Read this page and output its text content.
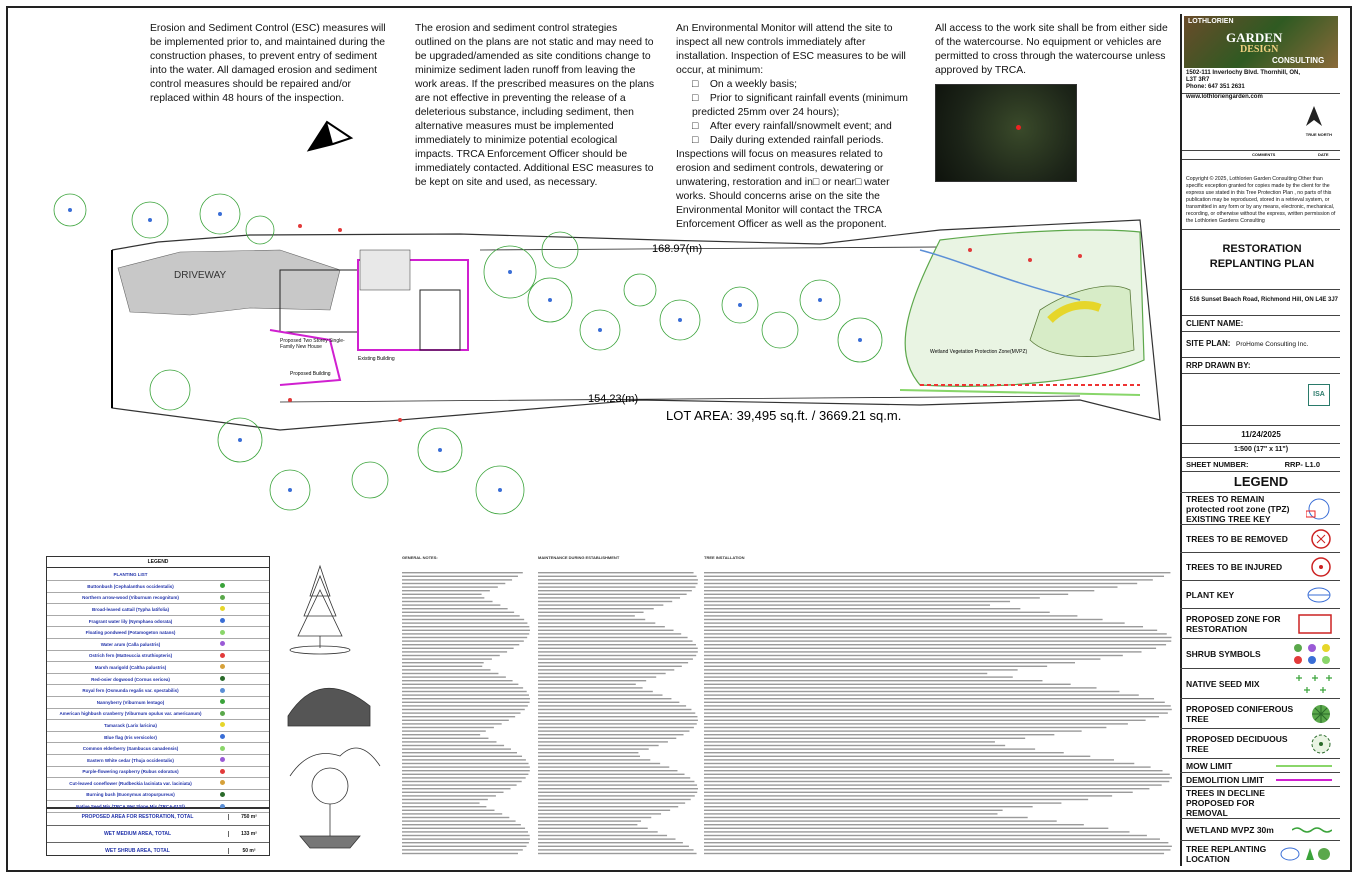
Erosion and Sediment Control (ESC) measures will be implemented prior to, and maintained during the construction phases, to prevent entry of sediment into the water. All damaged erosion and sediment control measures should be repaired and/or replaced within 48 hours of the inspection.

The erosion and sediment control strategies outlined on the plans are not static and may need to be upgraded/amended as site conditions change to minimize sediment laden runoff from leaving the work areas. If the prescribed measures on the plans are not effective in preventing the release of a deleterious substance, including sediment, then alternative measures must be implemented immediately to minimize potential ecological impacts. TRCA Enforcement Officer should be immediately contacted. Additional ESC measures to be kept on site and used, as necessary.

An Environmental Monitor will attend the site to inspect all new controls immediately after installation. Inspection of ESC measures to be will occur, at minimum:

□    On a weekly basis;

□    Prior to significant rainfall events (minimum predicted 25mm over 24 hours);

□    After every rainfall/snowmelt event; and

□    Daily during extended rainfall periods.

Inspections will focus on measures related to erosion and sediment controls, dewatering or unwatering, restoration and in□ or near□ water works. Should concerns arise on the site the Environmental Monitor will contact the TRCA Enforcement Officer as well as the proponent.

All access to the work site shall be from either side of the watercourse. No equipment or vehicles are permitted to cross through the watercourse unless approved by TRCA.

168.97(m)
154.23(m)
LOT AREA: 39,495 sq.ft. / 3669.21 sq.m.
DRIVEWAY
Existing Building
Proposed Building
Wetland Vegetation Protection Zone(MVPZ)
Proposed Two Storey Single-Family New House
LOTHLORIEN
GARDEN
DESIGN
CONSULTING
1502-111 Inverlochy Blvd. Thornhill, ON, L3T 3R7
Phone: 647 351 2631
www.lothloriengarden.com
TRUE NORTH
COMMENTS	DATE
Copyright © 2025, Lothlorien Garden Consulting Other than specific exception granted for copies made by the client for the express use stated in this Tree Protection Plan , no parts of this publication may be reproduced, stored in a retrieval system, or transmitted in any form or by any means, electronic, mechanical, recording, or otherwise without the express, written permission of the Lothlorien Gardens Consulting
RESTORATION REPLANTING PLAN
516 Sunset Beach Road, Richmond Hill, ON L4E 3J7
CLIENT NAME:
SITE PLAN: ProHome Consulting Inc.
RRP DRAWN BY:
ISA
11/24/2025
1:500 (17" x 11")
SHEET NUMBER:	RRP- L1.0
LEGEND
TREES TO REMAIN protected root zone (TPZ) EXISTING TREE KEY
TREES TO BE REMOVED
TREES TO BE INJURED
PLANT KEY
PROPOSED ZONE FOR RESTORATION
SHRUB SYMBOLS
NATIVE SEED MIX
PROPOSED CONIFEROUS TREE
PROPOSED DECIDUOUS TREE
MOW LIMIT
DEMOLITION LIMIT
TREES IN DECLINE PROPOSED FOR REMOVAL
WETLAND MVPZ 30m
TREE REPLANTING LOCATION
LEGEND
PLANTING LIST
Buttonbush (Cephalanthus occidentalis)
Northern arrow-wood (Viburnum recognitum)
Broad-leaved cattail (Typha latifolia)
Fragrant water lily (Nymphaea odorata)
Floating pondweed (Potamogeton natans)
Water arum (Calla palustris)
Ostrich fern (Matteuccia struthiopteris)
Marsh marigold (Caltha palustris)
Red-osier dogwood (Cornus sericea)
Royal fern (Osmunda regalis var. spectabilis)
Nannyberry (Viburnum lentago)
American highbush cranberry (Viburnum opulus var. americanum)
Tamarack (Larix laricina)
Blue flag (Iris versicolor)
Common elderberry (Sambucus canadensis)
Eastern White cedar (Thuja occidentalis)
Purple-flowering raspberry (Rubus odoratus)
Cut-leaved coneflower (Rudbeckia laciniata var. laciniata)
Burning bush (Euonymus atropurpureus)
Native Seed Mix (TRCA Wet Slope Mix (TRCA-01S))
PROPOSED AREA FOR RESTORATION, TOTAL	750 m²
WET MEDIUM AREA, TOTAL	133 m²
WET SHRUB AREA, TOTAL	50 m²
GENERAL NOTES:	MAINTENANCE DURING ESTABLISHMENT	TREE INSTALLATION
